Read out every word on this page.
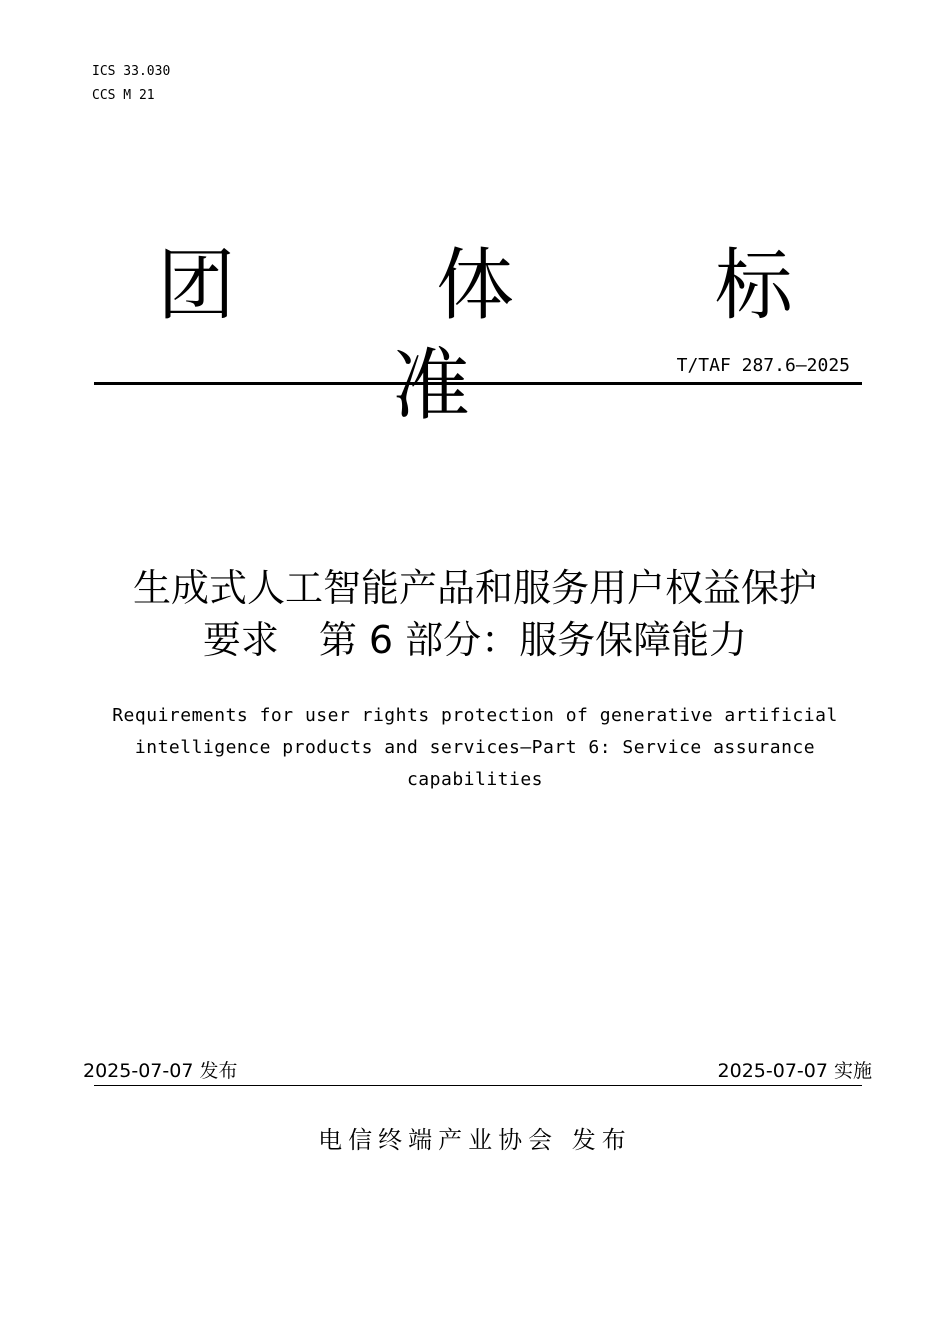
ICS 33.030
CCS M 21
团 体 标 准	T/TAF 287.6—2025
生成式人工智能产品和服务用户权益保护
要求 第 6 部分：服务保障能力
Requirements for user rights protection of generative artificial
intelligence products and services—Part 6: Service assurance
capabilities
2025-07-07 发布	2025-07-07 实施
电信终端产业协会 发布
